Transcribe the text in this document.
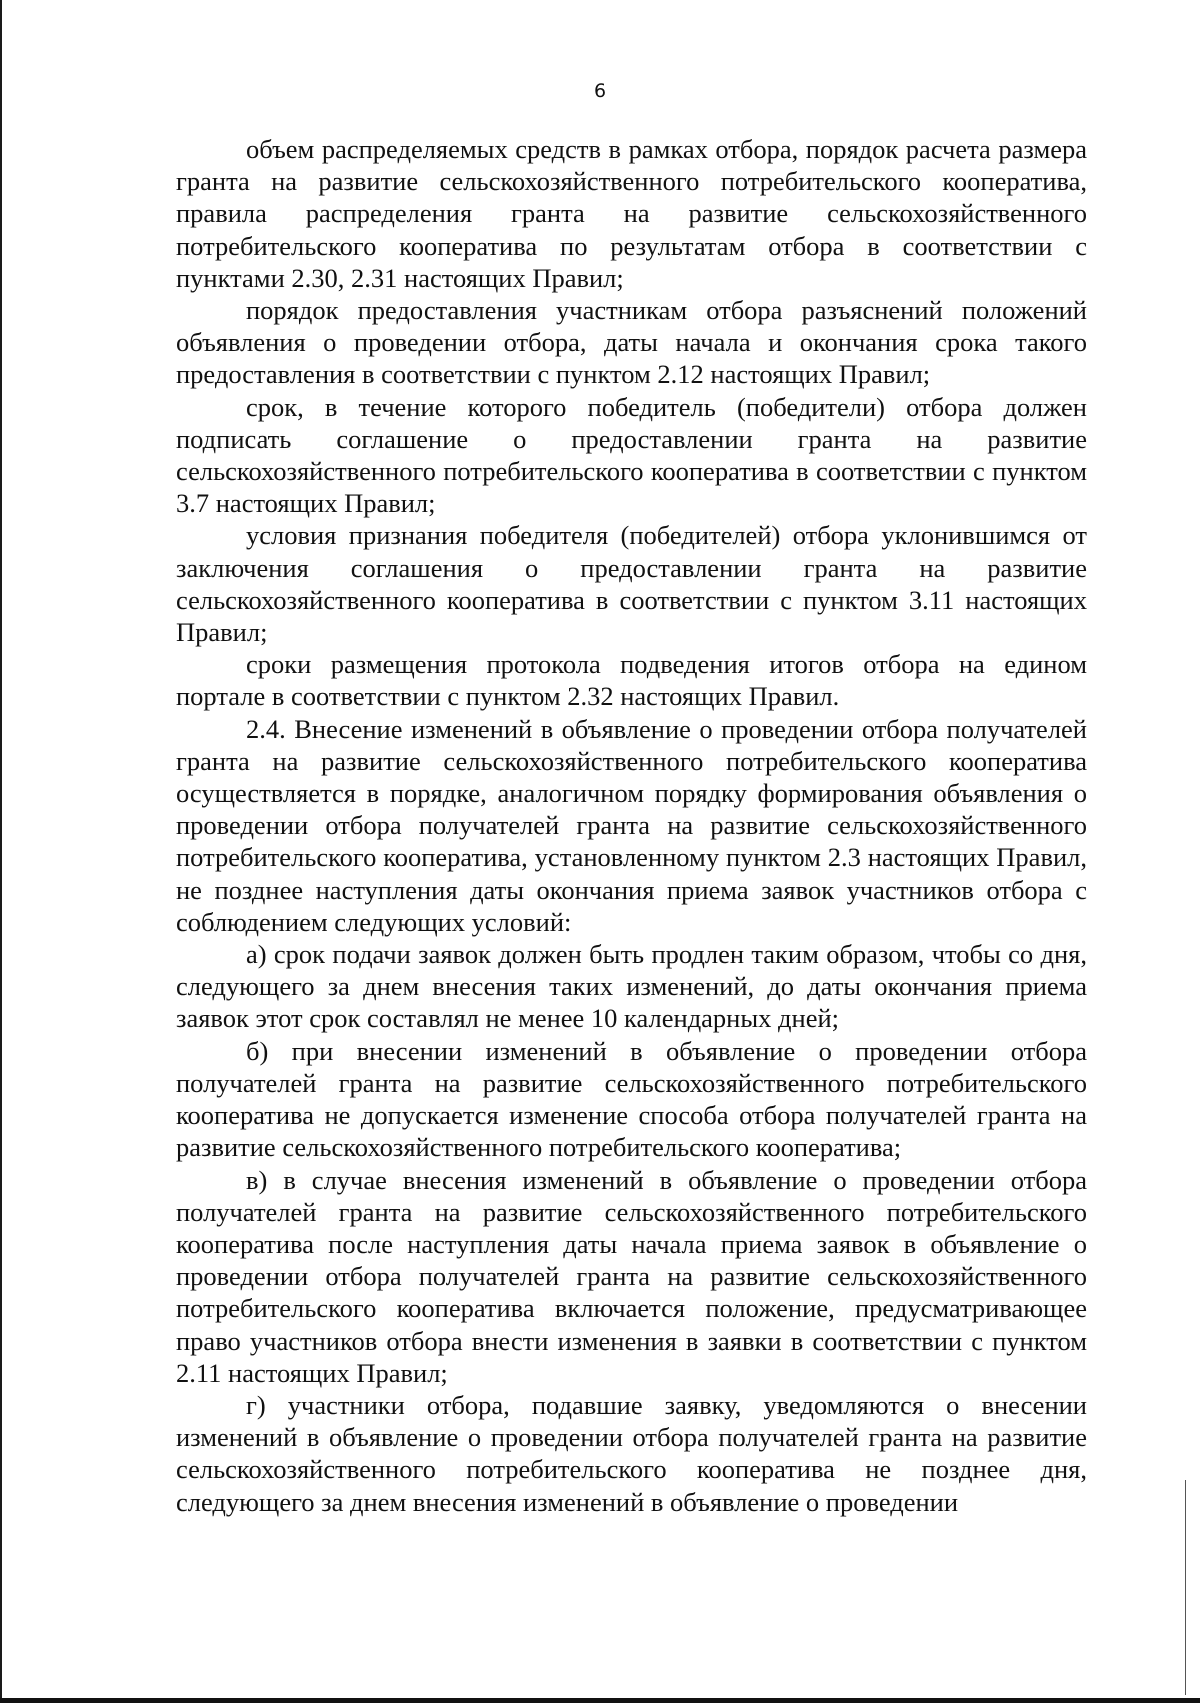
6

объем распределяемых средств в рамках отбора, порядок расчета размера гранта на развитие сельскохозяйственного потребительского кооператива, правила распределения гранта на развитие сельскохозяйственного потребительского кооператива по результатам отбора в соответствии с пунктами 2.30, 2.31 настоящих Правил;

порядок предоставления участникам отбора разъяснений положений объявления о проведении отбора, даты начала и окончания срока такого предоставления в соответствии с пунктом 2.12 настоящих Правил;

срок, в течение которого победитель (победители) отбора должен подписать соглашение о предоставлении гранта на развитие сельскохозяйственного потребительского кооператива в соответствии с пунктом 3.7 настоящих Правил;

условия признания победителя (победителей) отбора уклонившимся от заключения соглашения о предоставлении гранта на развитие сельскохозяйственного кооператива в соответствии с пунктом 3.11 настоящих Правил;

сроки размещения протокола подведения итогов отбора на едином портале в соответствии с пунктом 2.32 настоящих Правил.

2.4. Внесение изменений в объявление о проведении отбора получателей гранта на развитие сельскохозяйственного потребительского кооператива осуществляется в порядке, аналогичном порядку формирования объявления о проведении отбора получателей гранта на развитие сельскохозяйственного потребительского кооператива, установленному пунктом 2.3 настоящих Правил, не позднее наступления даты окончания приема заявок участников отбора с соблюдением следующих условий:

а) срок подачи заявок должен быть продлен таким образом, чтобы со дня, следующего за днем внесения таких изменений, до даты окончания приема заявок этот срок составлял не менее 10 календарных дней;

б) при внесении изменений в объявление о проведении отбора получателей гранта на развитие сельскохозяйственного потребительского кооператива не допускается изменение способа отбора получателей гранта на развитие сельскохозяйственного потребительского кооператива;

в) в случае внесения изменений в объявление о проведении отбора получателей гранта на развитие сельскохозяйственного потребительского кооператива после наступления даты начала приема заявок в объявление о проведении отбора получателей гранта на развитие сельскохозяйственного потребительского кооператива включается положение, предусматривающее право участников отбора внести изменения в заявки в соответствии с пунктом 2.11 настоящих Правил;

г) участники отбора, подавшие заявку, уведомляются о внесении изменений в объявление о проведении отбора получателей гранта на развитие сельскохозяйственного потребительского кооператива не позднее дня, следующего за днем внесения изменений в объявление о проведении
